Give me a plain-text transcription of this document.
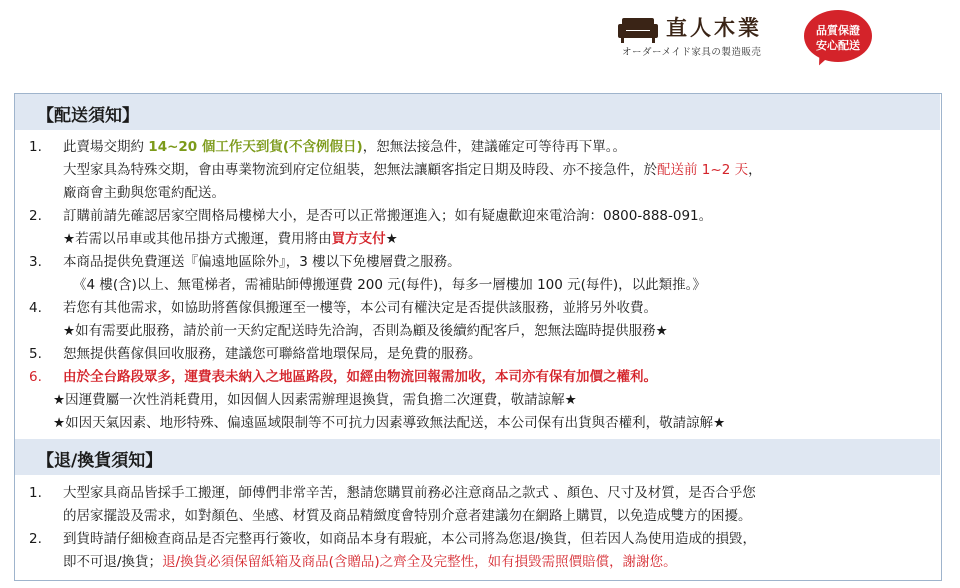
直人木業
オーダーメイド家具の製造販売
品質保證
安心配送
【配送須知】
1.	此賣場交期約 14~20 個工作天到貨(不含例假日)，恕無法接急件，建議確定可等待再下單。。
大型家具為特殊交期，會由專業物流到府定位組裝，恕無法讓顧客指定日期及時段、亦不接急件，於配送前 1~2 天，
廠商會主動與您電約配送。
2.	訂購前請先確認居家空間格局樓梯大小，是否可以正常搬運進入；如有疑慮歡迎來電洽詢：0800-888-091。
★若需以吊車或其他吊掛方式搬運，費用將由買方支付★
3.	本商品提供免費運送『偏遠地區除外』，3 樓以下免樓層費之服務。
《4 樓(含)以上、無電梯者，需補貼師傅搬運費 200 元(每件)，每多一層樓加 100 元(每件)，以此類推。》
4.	若您有其他需求，如協助將舊傢俱搬運至一樓等，本公司有權決定是否提供該服務，並將另外收費。
★如有需要此服務，請於前一天約定配送時先洽詢，否則為顧及後續約配客戶，恕無法臨時提供服務★
5.	恕無提供舊傢俱回收服務，建議您可聯絡當地環保局，是免費的服務。
6.	由於全台路段眾多，運費表未納入之地區路段，如經由物流回報需加收，本司亦有保有加價之權利。
★因運費屬一次性消耗費用，如因個人因素需辦理退換貨，需負擔二次運費，敬請諒解★
★如因天氣因素、地形特殊、偏遠區域限制等不可抗力因素導致無法配送，本公司保有出貨與否權利，敬請諒解★
【退/換貨須知】
1.	大型家具商品皆採手工搬運，師傅們非常辛苦，懇請您購買前務必注意商品之款式 、顏色、尺寸及材質，是否合乎您
的居家擺設及需求，如對顏色、坐感、材質及商品精緻度會特別介意者建議勿在網路上購買，以免造成雙方的困擾。
2.	到貨時請仔細檢查商品是否完整再行簽收，如商品本身有瑕疵，本公司將為您退/換貨，但若因人為使用造成的損毀，
即不可退/換貨；退/換貨必須保留紙箱及商品(含贈品)之齊全及完整性，如有損毀需照價賠償，謝謝您。
